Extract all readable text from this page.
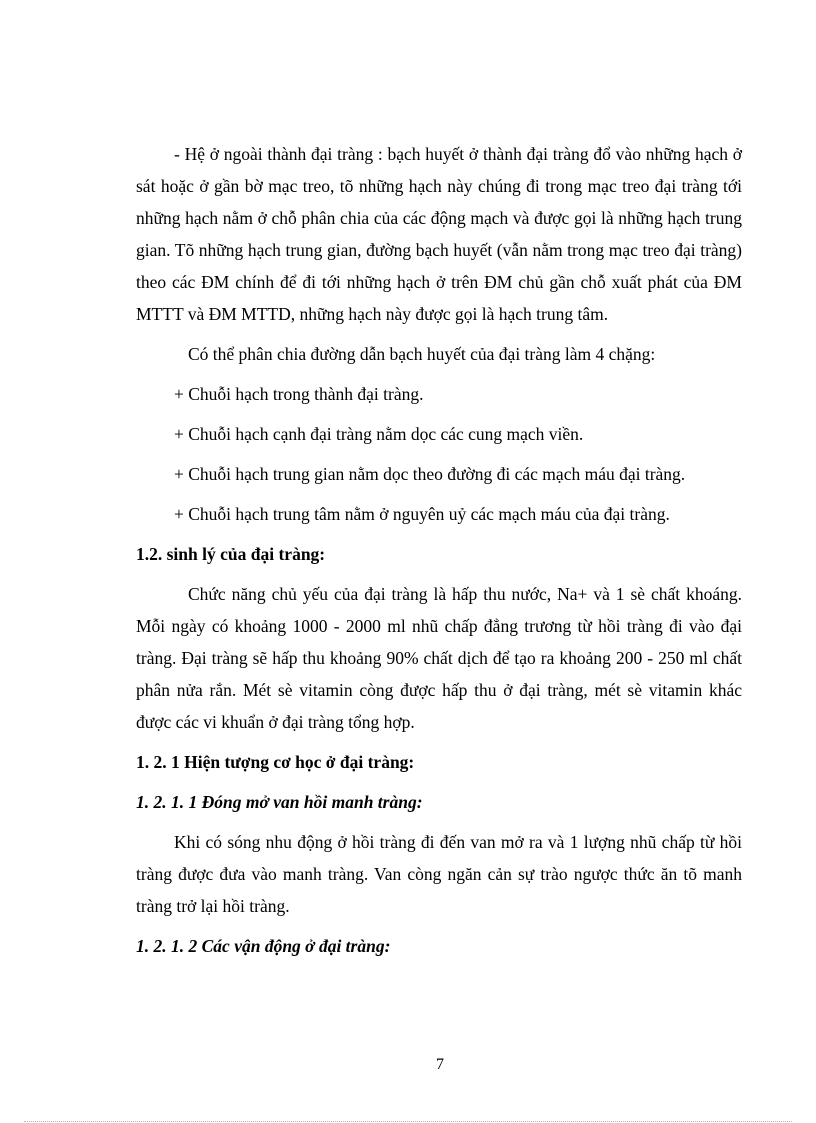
- Hệ ở ngoài thành đại tràng : bạch huyết ở thành đại tràng đổ vào những hạch ở sát hoặc ở gần bờ mạc treo, tõ những hạch này chúng đi trong mạc treo đại tràng tới những hạch nằm ở chỗ phân chia của các động mạch và được gọi là những hạch trung gian. Tõ những hạch trung gian, đường bạch huyết (vẫn nằm trong mạc treo đại tràng) theo các ĐM chính để đi tới những hạch ở trên ĐM chủ gần chỗ xuất phát của ĐM MTTT và ĐM MTTD, những hạch này được gọi là hạch trung tâm.

Có thể phân chia đường dẫn bạch huyết của đại tràng làm 4 chặng:

+ Chuỗi hạch trong thành đại tràng.

+ Chuỗi hạch cạnh đại tràng nằm dọc các cung mạch viền.

+ Chuỗi hạch trung gian nằm dọc theo đường đi các mạch máu đại tràng.

+ Chuỗi hạch trung tâm nằm ở nguyên uỷ các mạch máu của đại tràng.

1.2. sinh lý của đại tràng:

Chức năng chủ yếu của đại tràng là hấp thu nước, Na+ và 1 sè chất khoáng. Mỗi ngày có khoảng 1000 - 2000 ml nhũ chấp đẳng trương từ hồi tràng đi vào đại tràng. Đại tràng sẽ hấp thu khoảng 90% chất dịch để tạo ra khoảng 200 - 250 ml chất phân nửa rắn. Mét sè vitamin còng được hấp thu ở đại tràng, mét sè vitamin khác được các vi khuẩn ở đại tràng tổng hợp.

1. 2. 1 Hiện tượng cơ học ở đại tràng:

1. 2. 1. 1 Đóng mở van hồi manh tràng:

Khi có sóng nhu động ở hồi tràng đi đến van mở ra và 1 lượng nhũ chấp từ hồi tràng được đưa vào manh tràng. Van còng ngăn cản sự trào ngược thức ăn tõ manh tràng trở lại hồi tràng.

1. 2. 1. 2 Các vận động ở đại tràng:

7
